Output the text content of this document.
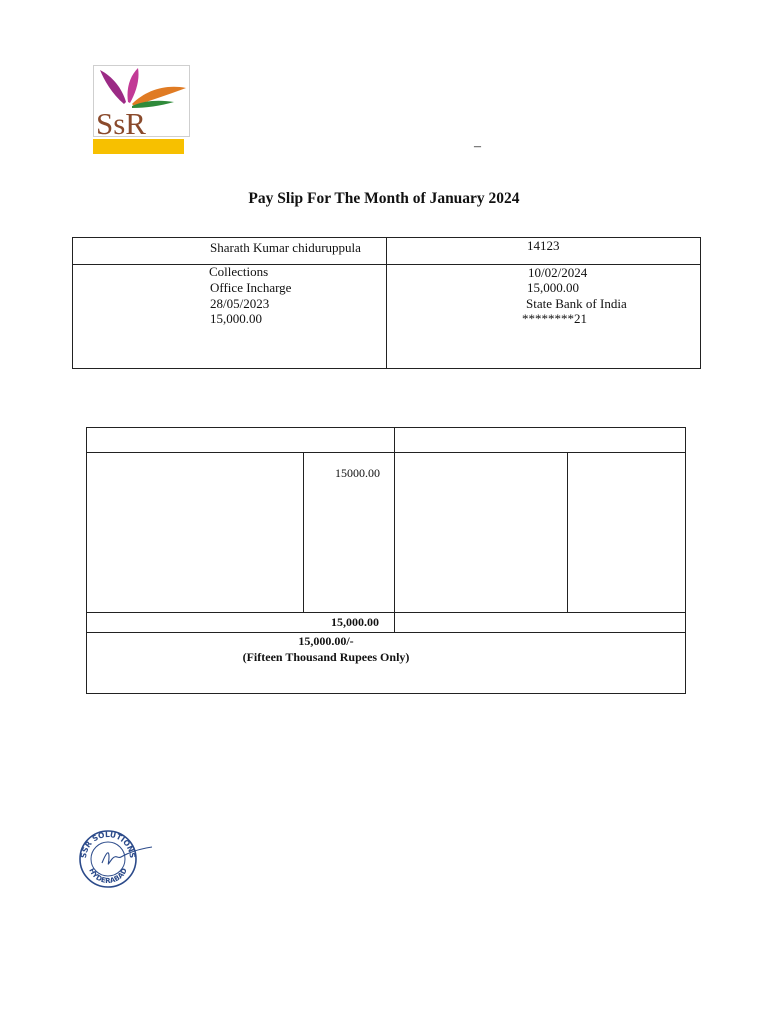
SsR
–
Pay Slip For The Month of January 2024
Sharath Kumar chiduruppula	14123
Collections
Office Incharge
28/05/2023
15,000.00
10/02/2024
15,000.00
State Bank of India
********21
15000.00
15,000.00
15,000.00/-
(Fifteen Thousand Rupees Only)
SSR SOLUTIONS
HYDERABAD
